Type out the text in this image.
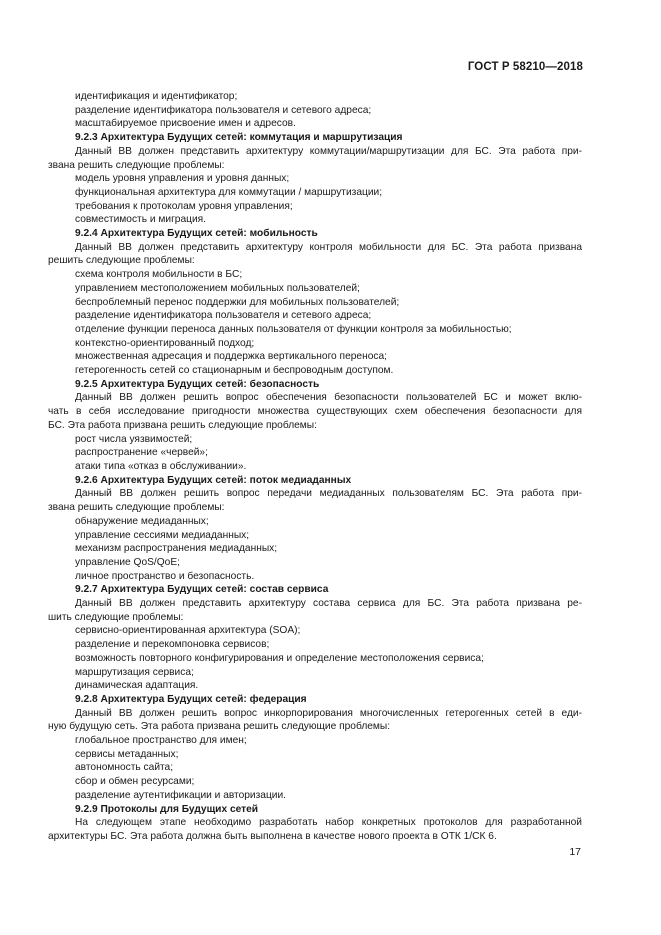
ГОСТ Р 58210—2018
идентификация и идентификатор;
разделение идентификатора пользователя и сетевого адреса;
масштабируемое присвоение имен и адресов.
9.2.3 Архитектура Будущих сетей: коммутация и маршрутизация
Данный ВВ должен представить архитектуру коммутации/маршрутизации для БС. Эта работа при-
звана решить следующие проблемы:
модель уровня управления и уровня данных;
функциональная архитектура для коммутации / маршрутизации;
требования к протоколам уровня управления;
совместимость и миграция.
9.2.4 Архитектура Будущих сетей: мобильность
Данный ВВ должен представить архитектуру контроля мобильности для БС. Эта работа призвана
решить следующие проблемы:
схема контроля мобильности в БС;
управлением местоположением мобильных пользователей;
беспроблемный перенос поддержки для мобильных пользователей;
разделение идентификатора пользователя и сетевого адреса;
отделение функции переноса данных пользователя от функции контроля за мобильностью;
контекстно-ориентированный подход;
множественная адресация и поддержка вертикального переноса;
гетерогенность сетей со стационарным и беспроводным доступом.
9.2.5 Архитектура Будущих сетей: безопасность
Данный ВВ должен решить вопрос обеспечения безопасности пользователей БС и может вклю-
чать в себя исследование пригодности множества существующих схем обеспечения безопасности для
БС. Эта работа призвана решить следующие проблемы:
рост числа уязвимостей;
распространение «червей»;
атаки типа «отказ в обслуживании».
9.2.6 Архитектура Будущих сетей: поток медиаданных
Данный ВВ должен решить вопрос передачи медиаданных пользователям БС. Эта работа при-
звана решить следующие проблемы:
обнаружение медиаданных;
управление сессиями медиаданных;
механизм распространения медиаданных;
управление QoS/QoE;
личное пространство и безопасность.
9.2.7 Архитектура Будущих сетей: состав сервиса
Данный ВВ должен представить архитектуру состава сервиса для БС. Эта работа призвана ре-
шить следующие проблемы:
сервисно-ориентированная архитектура (SOA);
разделение и перекомпоновка сервисов;
возможность повторного конфигурирования и определение местоположения сервиса;
маршрутизация сервиса;
динамическая адаптация.
9.2.8 Архитектура Будущих сетей: федерация
Данный ВВ должен решить вопрос инкорпорирования многочисленных гетерогенных сетей в еди-
ную будущую сеть. Эта работа призвана решить следующие проблемы:
глобальное пространство для имен;
сервисы метаданных;
автономность сайта;
сбор и обмен ресурсами;
разделение аутентификации и авторизации.
9.2.9 Протоколы для Будущих сетей
На следующем этапе необходимо разработать набор конкретных протоколов для разработанной
архитектуры БС. Эта работа должна быть выполнена в качестве нового проекта в ОТК 1/СК 6.
17
